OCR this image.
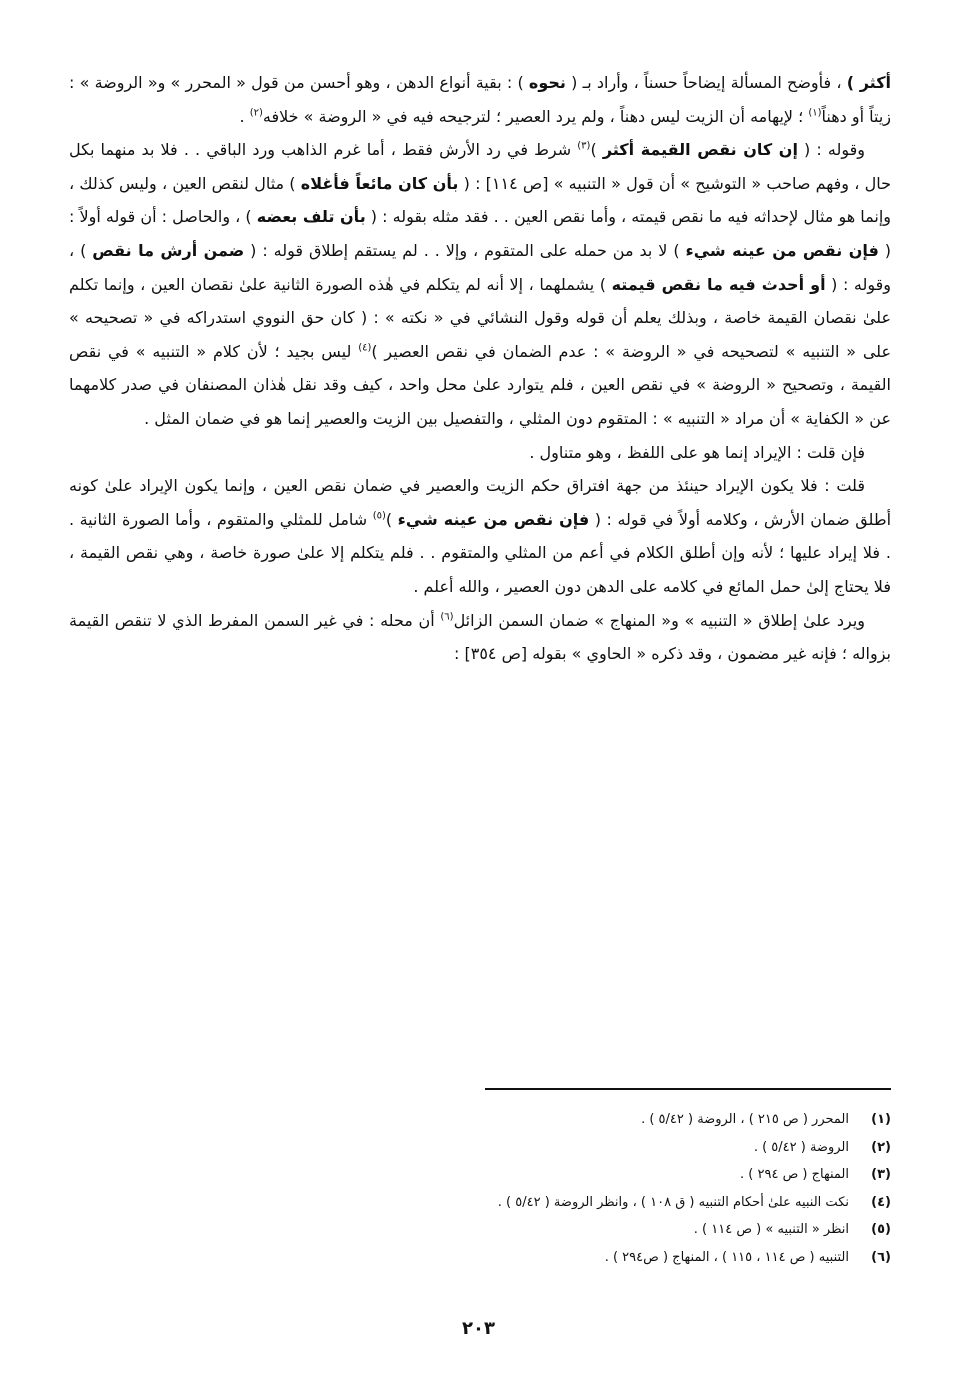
أكثر ) ، فأوضح المسألة إيضاحاً حسناً ، وأراد بـ ( نحوه ) : بقية أنواع الدهن ، وهو أحسن من قول « المحرر » و« الروضة » : زيتاً أو دهناً$^{(١)}$ ؛ لإيهامه أن الزيت ليس دهناً ، ولم يرد العصير ؛ لترجيحه فيه في « الروضة » خلافه$^{(٢)}$ .

وقوله : ( إن كان نقص القيمة أكثر )$^{(٣)}$ شرط في رد الأرش فقط ، أما غرم الذاهب ورد الباقي . . فلا بد منهما بكل حال ، وفهم صاحب « التوشيح » أن قول « التنبيه » [ص ١١٤] : ( بأن كان مائعاً فأغلاه ) مثال لنقص العين ، وليس كذلك ، وإنما هو مثال لإحداثه فيه ما نقص قيمته ، وأما نقص العين . . فقد مثله بقوله : ( بأن تلف بعضه ) ، والحاصل : أن قوله أولاً : ( فإن نقص من عينه شيء ) لا بد من حمله على المتقوم ، وإلا . . لم يستقم إطلاق قوله : ( ضمن أرش ما نقص ) ، وقوله : ( أو أحدث فيه ما نقص قيمته ) يشملهما ، إلا أنه لم يتكلم في هٰذه الصورة الثانية علىٰ نقصان العين ، وإنما تكلم علىٰ نقصان القيمة خاصة ، وبذلك يعلم أن قوله وقول النشائي في « نكته » : ( كان حق النووي استدراكه في « تصحيحه » على « التنبيه » لتصحيحه في « الروضة » : عدم الضمان في نقص العصير )$^{(٤)}$ ليس بجيد ؛ لأن كلام « التنبيه » في نقص القيمة ، وتصحيح « الروضة » في نقص العين ، فلم يتوارد علىٰ محل واحد ، كيف وقد نقل هٰذان المصنفان في صدر كلامهما عن « الكفاية » أن مراد « التنبيه » : المتقوم دون المثلي ، والتفصيل بين الزيت والعصير إنما هو في ضمان المثل .

فإن قلت : الإيراد إنما هو على اللفظ ، وهو متناول .

قلت : فلا يكون الإيراد حينئذ من جهة افتراق حكم الزيت والعصير في ضمان نقص العين ، وإنما يكون الإيراد علىٰ كونه أطلق ضمان الأرش ، وكلامه أولاً في قوله : ( فإن نقص من عينه شيء )$^{(٥)}$ شامل للمثلي والمتقوم ، وأما الصورة الثانية . . فلا إيراد عليها ؛ لأنه وإن أطلق الكلام في أعم من المثلي والمتقوم . . فلم يتكلم إلا علىٰ صورة خاصة ، وهي نقص القيمة ، فلا يحتاج إلىٰ حمل المائع في كلامه على الدهن دون العصير ، والله أعلم .

ويرد علىٰ إطلاق « التنبيه » و« المنهاج » ضمان السمن الزائل$^{(٦)}$ أن محله : في غير السمن المفرط الذي لا تنقص القيمة بزواله ؛ فإنه غير مضمون ، وقد ذكره « الحاوي » بقوله [ص ٣٥٤] :

(١)
المحرر ( ص ٢١٥ ) ، الروضة ( ٥/٤٢ ) .
(٢)
الروضة ( ٥/٤٢ ) .
(٣)
المنهاج ( ص ٢٩٤ ) .
(٤)
نكت النبيه علىٰ أحكام التنبيه ( ق ١٠٨ ) ، وانظر الروضة ( ٥/٤٢ ) .
(٥)
انظر « التنبيه » ( ص ١١٤ ) .
(٦)
التنبيه ( ص ١١٤ ، ١١٥ ) ، المنهاج ( ص٢٩٤ ) .
٢٠٣
